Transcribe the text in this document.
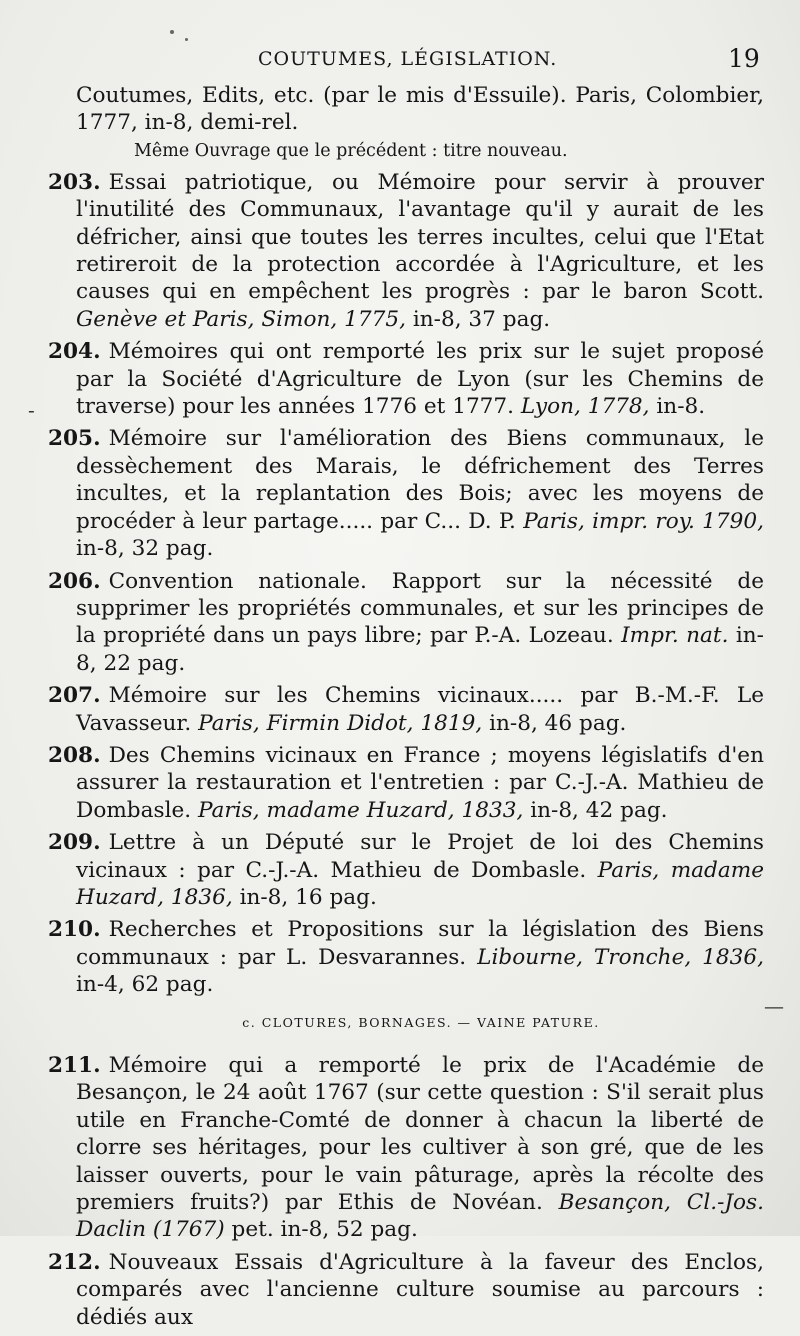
COUTUMES, LÉGISLATION.	19

Coutumes, Edits, etc. (par le mis d'Essuile). Paris, Colombier, 1777, in-8, demi-rel.

Même Ouvrage que le précédent : titre nouveau.

203. Essai patriotique, ou Mémoire pour servir à prouver l'inutilité des Communaux, l'avantage qu'il y aurait de les défricher, ainsi que toutes les terres incultes, celui que l'Etat retireroit de la protection accordée à l'Agriculture, et les causes qui en empêchent les progrès : par le baron Scott. Genève et Paris, Simon, 1775, in-8, 37 pag.

204. Mémoires qui ont remporté les prix sur le sujet proposé par la Société d'Agriculture de Lyon (sur les Chemins de traverse) pour les années 1776 et 1777. Lyon, 1778, in-8.

205. Mémoire sur l'amélioration des Biens communaux, le dessèchement des Marais, le défrichement des Terres incultes, et la replantation des Bois; avec les moyens de procéder à leur partage..... par C... D. P. Paris, impr. roy. 1790, in-8, 32 pag.

206. Convention nationale. Rapport sur la nécessité de supprimer les propriétés communales, et sur les principes de la propriété dans un pays libre; par P.-A. Lozeau. Impr. nat. in-8, 22 pag.

207. Mémoire sur les Chemins vicinaux..... par B.-M.-F. Le Vavasseur. Paris, Firmin Didot, 1819, in-8, 46 pag.

208. Des Chemins vicinaux en France ; moyens législatifs d'en assurer la restauration et l'entretien : par C.-J.-A. Mathieu de Dombasle. Paris, madame Huzard, 1833, in-8, 42 pag.

209. Lettre à un Député sur le Projet de loi des Chemins vicinaux : par C.-J.-A. Mathieu de Dombasle. Paris, madame Huzard, 1836, in-8, 16 pag.

210. Recherches et Propositions sur la législation des Biens communaux : par L. Desvarannes. Libourne, Tronche, 1836, in-4, 62 pag.

c. CLOTURES, BORNAGES. — VAINE PATURE.

211. Mémoire qui a remporté le prix de l'Académie de Besançon, le 24 août 1767 (sur cette question : S'il serait plus utile en Franche-Comté de donner à chacun la liberté de clorre ses héritages, pour les cultiver à son gré, que de les laisser ouverts, pour le vain pâturage, après la récolte des premiers fruits?) par Ethis de Novéan. Besançon, Cl.-Jos. Daclin (1767) pet. in-8, 52 pag.

212. Nouveaux Essais d'Agriculture à la faveur des Enclos, comparés avec l'ancienne culture soumise au parcours : dédiés aux

-
—
